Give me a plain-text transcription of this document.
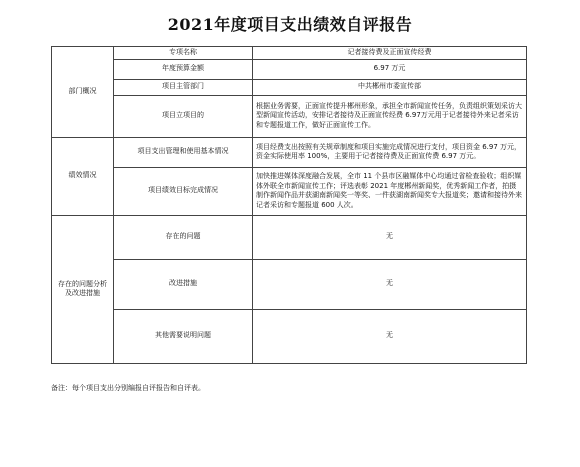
2021年度项目支出绩效自评报告
部门概况	专项名称	记者接待费及正面宣传经费
	年度预算金额	6.97 万元
	项目主管部门	中共郴州市委宣传部
	项目立项目的	根据业务需要，正面宣传提升郴州形象，承担全市新闻宣传任务，负责组织策划采访大型新闻宣传活动，安排记者接待及正面宣传经费 6.97万元用于记者接待外来记者采访和专题报道工作，做好正面宣传工作。
绩效情况	项目支出管理和使用基本情况	项目经费支出按照有关规章制度和项目实施完成情况进行支付，项目资金 6.97 万元，资金实际使用率 100%，主要用于记者接待费及正面宣传费 6.97 万元。
	项目绩效目标完成情况	加快推进媒体深度融合发展，全市 11 个县市区融媒体中心均通过省检查验收；组织媒体外联全市新闻宣传工作；评选表彰 2021 年度郴州新闻奖，优秀新闻工作者，拍摄制作新闻作品并获湖南新闻奖一等奖、一件获湖南新闻奖专大报道奖；邀请和接待外来记者采访和专题报道 600 人次。
存在的问题分析及改进措施	存在的问题	无
	改进措施	无
	其他需要说明问题	无
备注：每个项目支出分别编报自评报告和自评表。
